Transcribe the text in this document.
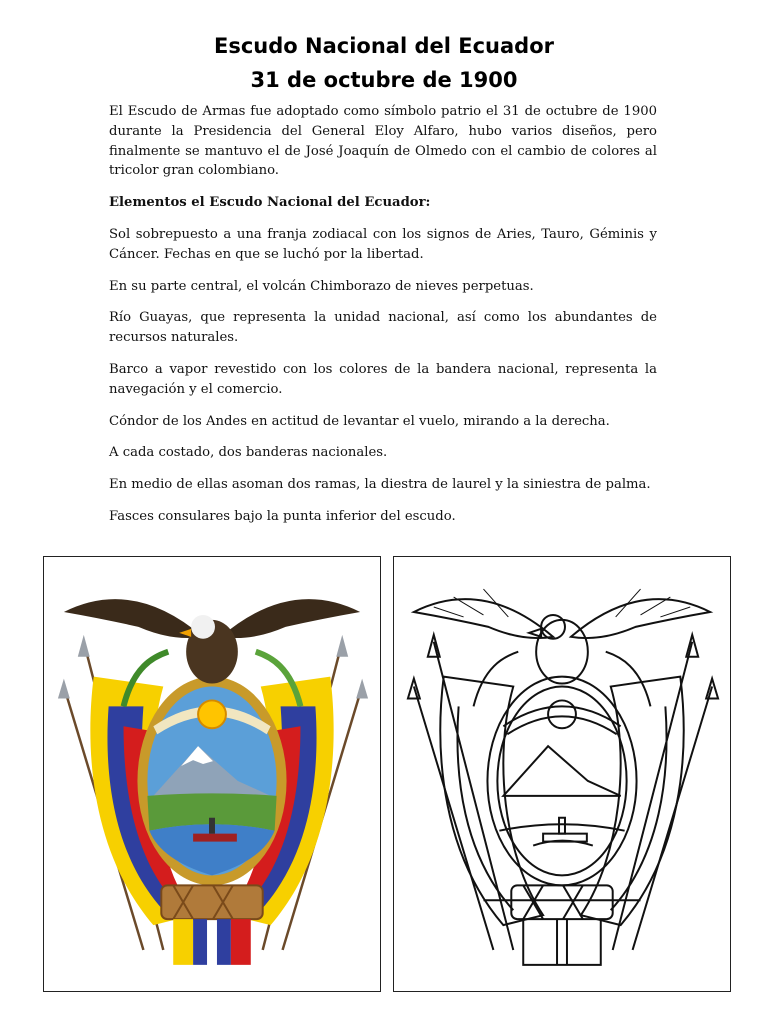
Escudo Nacional del Ecuador
31 de octubre de 1900

El Escudo de Armas fue adoptado como símbolo patrio el 31 de octubre de 1900 durante la Presidencia del General Eloy Alfaro, hubo varios diseños, pero finalmente se mantuvo el de José Joaquín de Olmedo con el cambio de colores al tricolor gran colombiano.

Elementos el Escudo Nacional del Ecuador:

Sol sobrepuesto a una franja zodiacal con los signos de Aries, Tauro, Géminis y Cáncer. Fechas en que se luchó por la libertad.

En su parte central, el volcán Chimborazo de nieves perpetuas.

Río Guayas, que representa la unidad nacional, así como los abundantes de recursos naturales.

Barco a vapor revestido con los colores de la bandera nacional, representa la navegación y el comercio.

Cóndor de los Andes en actitud de levantar el vuelo, mirando a la derecha.

A cada costado, dos banderas nacionales.

En medio de ellas asoman dos ramas, la diestra de laurel y la siniestra de palma.

Fasces consulares bajo la punta inferior del escudo.
